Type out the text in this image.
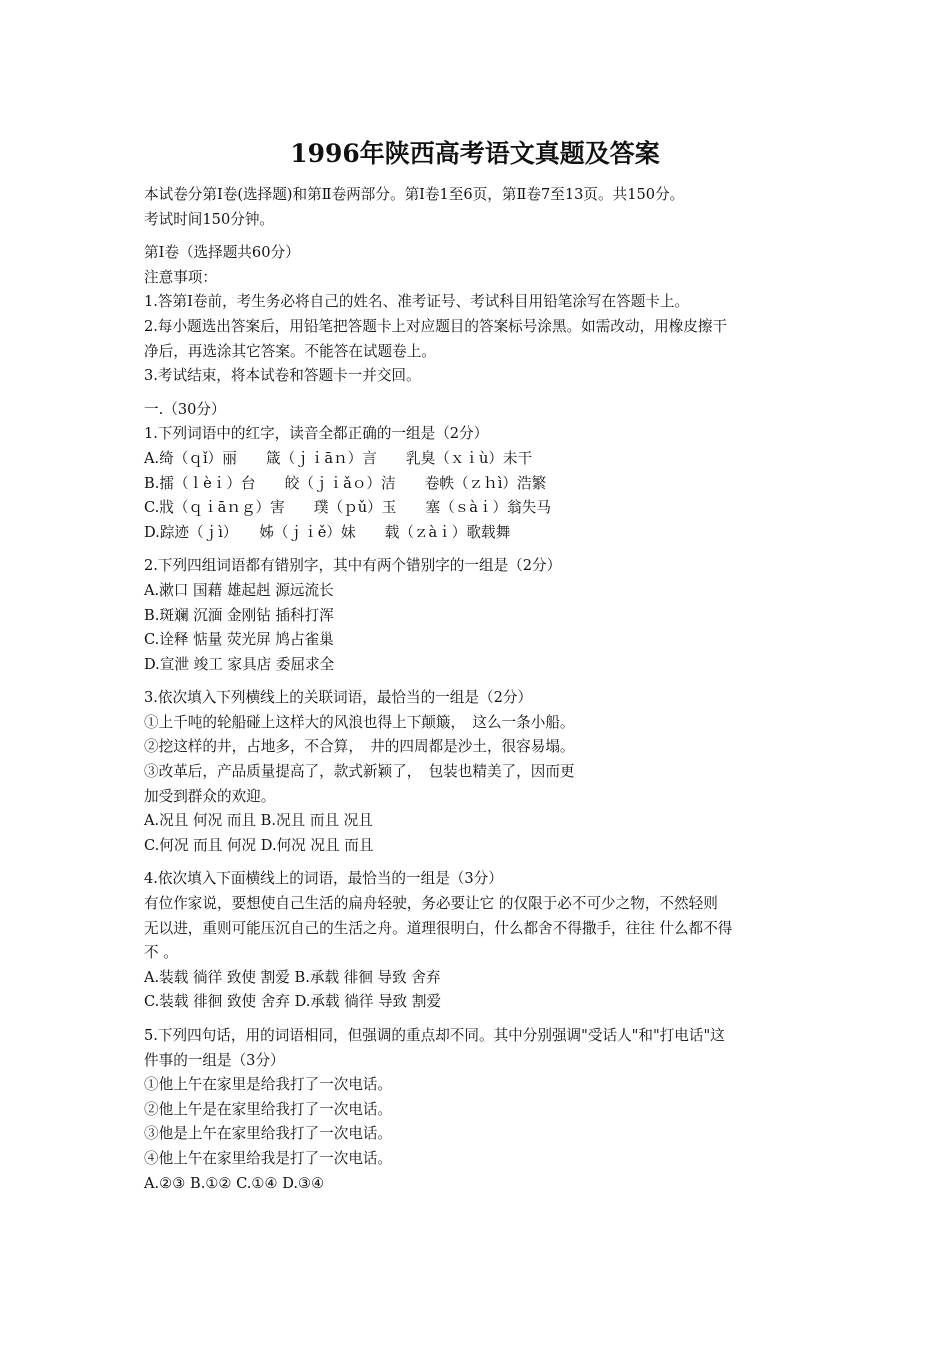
1996年陕西高考语文真题及答案

本试卷分第Ⅰ卷(选择题)和第Ⅱ卷两部分。第Ⅰ卷1至6页，第Ⅱ卷7至13页。共150分。

考试时间150分钟。

第Ⅰ卷（选择题共60分）

注意事项：

1.答第Ⅰ卷前，考生务必将自己的姓名、准考证号、考试科目用铅笔涂写在答题卡上。

2.每小题选出答案后，用铅笔把答题卡上对应题目的答案标号涂黑。如需改动，用橡皮擦干

净后，再选涂其它答案。不能答在试题卷上。

3.考试结束，将本试卷和答题卡一并交回。

一.（30分）

1.下列词语中的红字，读音全都正确的一组是（2分）

A.绮（ｑǐ）丽　　箴（ｊｉāｎ）言　　乳臭（ｘｉù）未干

B.擂（ｌèｉ）台　　皎（ｊｉǎｏ）洁　　卷帙（ｚｈì）浩繁

C.戕（ｑｉāｎｇ）害　　璞（ｐǔ）玉　　塞（ｓàｉ）翁失马

D.踪迹（ｊì）　　姊（ｊｉě）妹　　载（ｚàｉ）歌载舞

2.下列四组词语都有错别字，其中有两个错别字的一组是（2分）

A.漱口 国藉 雄起赳 源远流长

B.斑斓 沉湎 金刚钻 插科打浑

C.诠释 惦量 荧光屏 鸠占雀巢

D.宣泄 竣工 家具店 委屈求全

3.依次填入下列横线上的关联词语，最恰当的一组是（2分）

①上千吨的轮船碰上这样大的风浪也得上下颠簸，　这么一条小船。

②挖这样的井，占地多，不合算，　井的四周都是沙土，很容易塌。

③改革后，产品质量提高了，款式新颖了，　包装也精美了，因而更

加受到群众的欢迎。

A.况且 何况 而且 B.况且 而且 况且

C.何况 而且 何况 D.何况 况且 而且

4.依次填入下面横线上的词语，最恰当的一组是（3分）

有位作家说，要想使自己生活的扁舟轻驶，务必要让它 的仅限于必不可少之物，不然轻则

无以进，重则可能压沉自己的生活之舟。道理很明白，什么都舍不得撒手，往往 什么都不得

不 。

A.装载 徜徉 致使 割爱 B.承载 徘徊 导致 舍弃

C.装载 徘徊 致使 舍弃 D.承载 徜徉 导致 割爱

5.下列四句话，用的词语相同，但强调的重点却不同。其中分别强调"受话人"和"打电话"这

件事的一组是（3分）

①他上午在家里是给我打了一次电话。

②他上午是在家里给我打了一次电话。

③他是上午在家里给我打了一次电话。

④他上午在家里给我是打了一次电话。

A.②③ B.①② C.①④ D.③④
